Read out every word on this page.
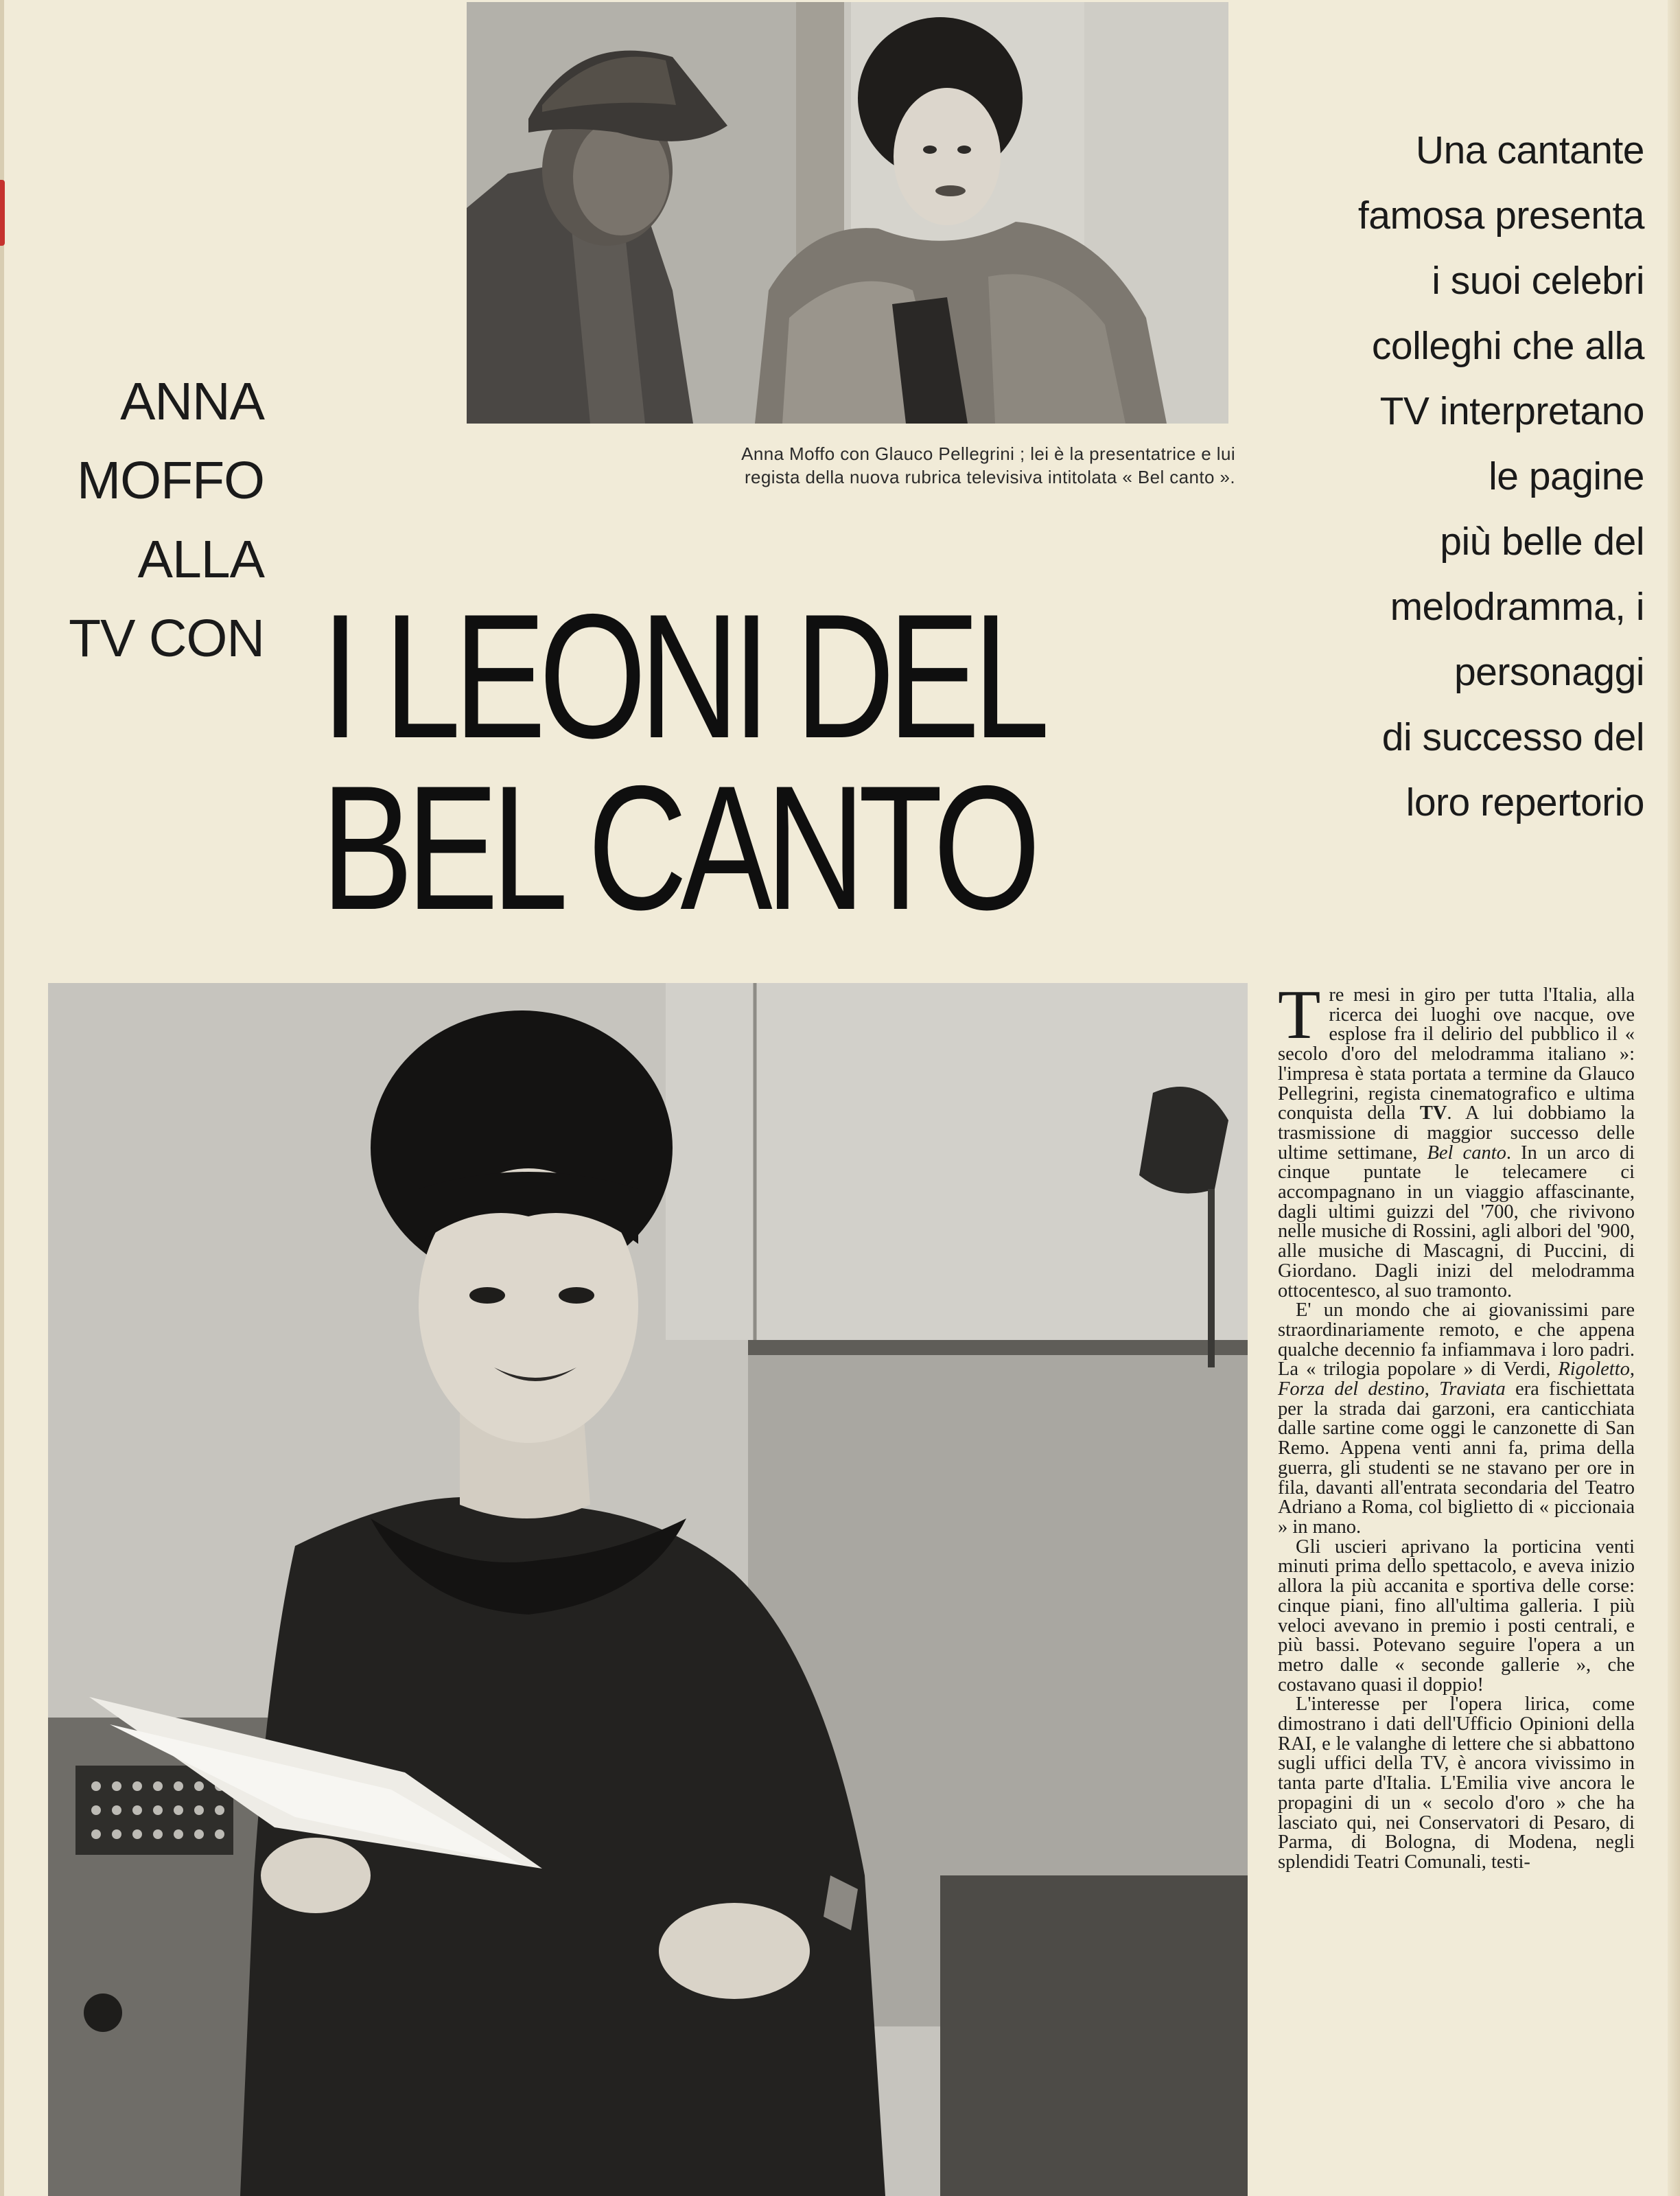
Anna Moffo con Glauco Pellegrini ; lei è la presentatrice e lui
regista della nuova rubrica televisiva intitolata « Bel canto ».
ANNA
MOFFO
ALLA
TV CON I LEONI DEL
BEL CANTO
Una cantante
famosa presenta
i suoi celebri
colleghi che alla
TV interpretano
le pagine
più belle del
melodramma, i
personaggi
di successo del
loro repertorio

Tre mesi in giro per tutta l'Italia, alla ricerca dei luoghi ove nacque, ove esplose fra il delirio del pubblico il « secolo d'oro del melodramma italiano »: l'impresa è stata portata a termine da Glauco Pellegrini, regista cinematografico e ultima conquista della TV. A lui dobbiamo la trasmissione di maggior successo delle ultime settimane, Bel canto. In un arco di cinque puntate le telecamere ci accompagnano in un viaggio affascinante, dagli ultimi guizzi del '700, che rivivono nelle musiche di Rossini, agli albori del '900, alle musiche di Mascagni, di Puccini, di Giordano. Dagli inizi del melodramma ottocentesco, al suo tramonto.

E' un mondo che ai giovanissimi pare straordinariamente remoto, e che appena qualche decennio fa infiammava i loro padri. La « trilogia popolare » di Verdi, Rigoletto, Forza del destino, Traviata era fischiettata per la strada dai garzoni, era canticchiata dalle sartine come oggi le canzonette di San Remo. Appena venti anni fa, prima della guerra, gli studenti se ne stavano per ore in fila, davanti all'entrata secondaria del Teatro Adriano a Roma, col biglietto di « piccionaia » in mano.

Gli uscieri aprivano la porticina venti minuti prima dello spettacolo, e aveva inizio allora la più accanita e sportiva delle corse: cinque piani, fino all'ultima galleria. I più veloci avevano in premio i posti centrali, e più bassi. Potevano seguire l'opera a un metro dalle « seconde gallerie », che costavano quasi il doppio!

L'interesse per l'opera lirica, come dimostrano i dati dell'Ufficio Opinioni della RAI, e le valanghe di lettere che si abbattono sugli uffici della TV, è ancora vivissimo in tanta parte d'Italia. L'Emilia vive ancora le propagini di un « secolo d'oro » che ha lasciato qui, nei Conservatori di Pesaro, di Parma, di Bologna, di Modena, negli splendidi Teatri Comunali, testi-
